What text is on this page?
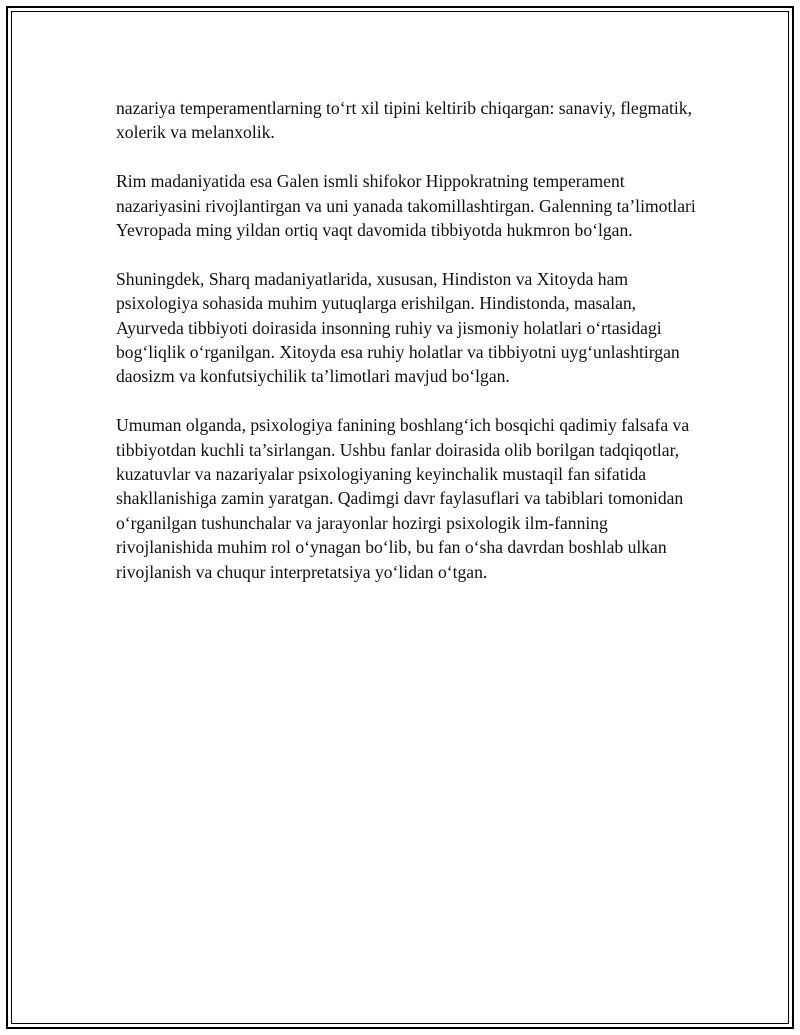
nazariya temperamentlarning to‘rt xil tipini keltirib chiqargan: sanaviy, flegmatik, xolerik va melanxolik.

Rim madaniyatida esa Galen ismli shifokor Hippokratning temperament nazariyasini rivojlantirgan va uni yanada takomillashtirgan. Galenning ta’limotlari Yevropada ming yildan ortiq vaqt davomida tibbiyotda hukmron bo‘lgan.

Shuningdek, Sharq madaniyatlarida, xususan, Hindiston va Xitoyda ham psixologiya sohasida muhim yutuqlarga erishilgan. Hindistonda, masalan, Ayurveda tibbiyoti doirasida insonning ruhiy va jismoniy holatlari o‘rtasidagi bog‘liqlik o‘rganilgan. Xitoyda esa ruhiy holatlar va tibbiyotni uyg‘unlashtirgan daosizm va konfutsiychilik ta’limotlari mavjud bo‘lgan.

Umuman olganda, psixologiya fanining boshlang‘ich bosqichi qadimiy falsafa va tibbiyotdan kuchli ta’sirlangan. Ushbu fanlar doirasida olib borilgan tadqiqotlar, kuzatuvlar va nazariyalar psixologiyaning keyinchalik mustaqil fan sifatida shakllanishiga zamin yaratgan. Qadimgi davr faylasuflari va tabiblari tomonidan o‘rganilgan tushunchalar va jarayonlar hozirgi psixologik ilm-fanning rivojlanishida muhim rol o‘ynagan bo‘lib, bu fan o‘sha davrdan boshlab ulkan rivojlanish va chuqur interpretatsiya yo‘lidan o‘tgan.
